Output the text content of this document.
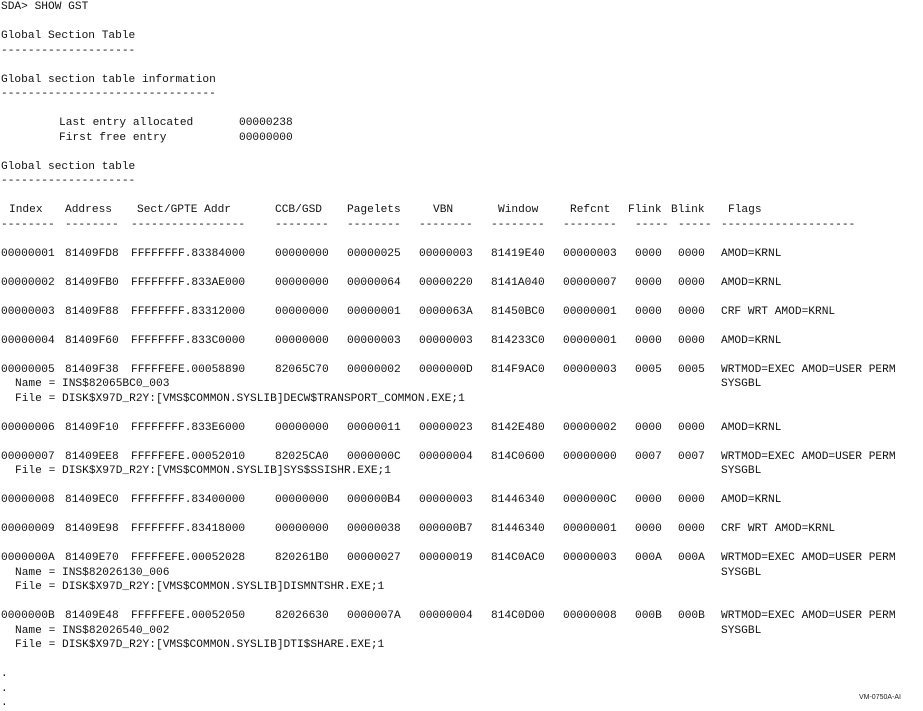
SDA> SHOW GST
Global Section Table
--------------------
Global section table information
--------------------------------
Last entry allocated	00000238
First free entry	00000000
Global section table
--------------------
Index Address Sect/GPTE Addr	CCB/GSD Pagelets	VBN	Window	Refcnt Flink Blink Flags
-------- -------- -----------------	-------- -------- -------- -------- -------- ----- ----- --------------------
00000001 81409FD8 FFFFFFFF.83384000	00000000 00000025 00000003 81419E40 00000003 0000 0000 AMOD=KRNL
00000002 81409FB0 FFFFFFFF.833AE000	00000000 00000064 00000220 8141A040 00000007 0000 0000 AMOD=KRNL
00000003 81409F88 FFFFFFFF.83312000	00000000 00000001 0000063A 81450BC0 00000001 0000 0000 CRF WRT AMOD=KRNL
00000004 81409F60 FFFFFFFF.833C0000	00000000 00000003 00000003 814233C0 00000001 0000 0000 AMOD=KRNL
00000005 81409F38 FFFFFEFE.00058890	82065C70 00000002 0000000D 814F9AC0 00000003 0005 0005 WRTMOD=EXEC AMOD=USER PERM
Name = INS$82065BC0_003	SYSGBL
File = DISK$X97D_R2Y:[VMS$COMMON.SYSLIB]DECW$TRANSPORT_COMMON.EXE;1
00000006 81409F10 FFFFFFFF.833E6000	00000000 00000011 00000023 8142E480 00000002 0000 0000 AMOD=KRNL
00000007 81409EE8 FFFFFEFE.00052010	82025CA0 0000000C 00000004 814C0600 00000000 0007 0007 WRTMOD=EXEC AMOD=USER PERM
File = DISK$X97D_R2Y:[VMS$COMMON.SYSLIB]SYS$SSISHR.EXE;1	SYSGBL
00000008 81409EC0 FFFFFFFF.83400000	00000000 000000B4 00000003 81446340 0000000C 0000 0000 AMOD=KRNL
00000009 81409E98 FFFFFFFF.83418000	00000000 00000038 000000B7 81446340 00000001 0000 0000 CRF WRT AMOD=KRNL
0000000A 81409E70 FFFFFEFE.00052028	820261B0 00000027 00000019 814C0AC0 00000003 000A 000A WRTMOD=EXEC AMOD=USER PERM
Name = INS$82026130_006	SYSGBL
File = DISK$X97D_R2Y:[VMS$COMMON.SYSLIB]DISMNTSHR.EXE;1
0000000B 81409E48 FFFFFEFE.00052050	82026630 0000007A 00000004 814C0D00 00000008 000B 000B WRTMOD=EXEC AMOD=USER PERM
Name = INS$82026540_002	SYSGBL
File = DISK$X97D_R2Y:[VMS$COMMON.SYSLIB]DTI$SHARE.EXE;1
.
.
.	VM-0750A-AI
